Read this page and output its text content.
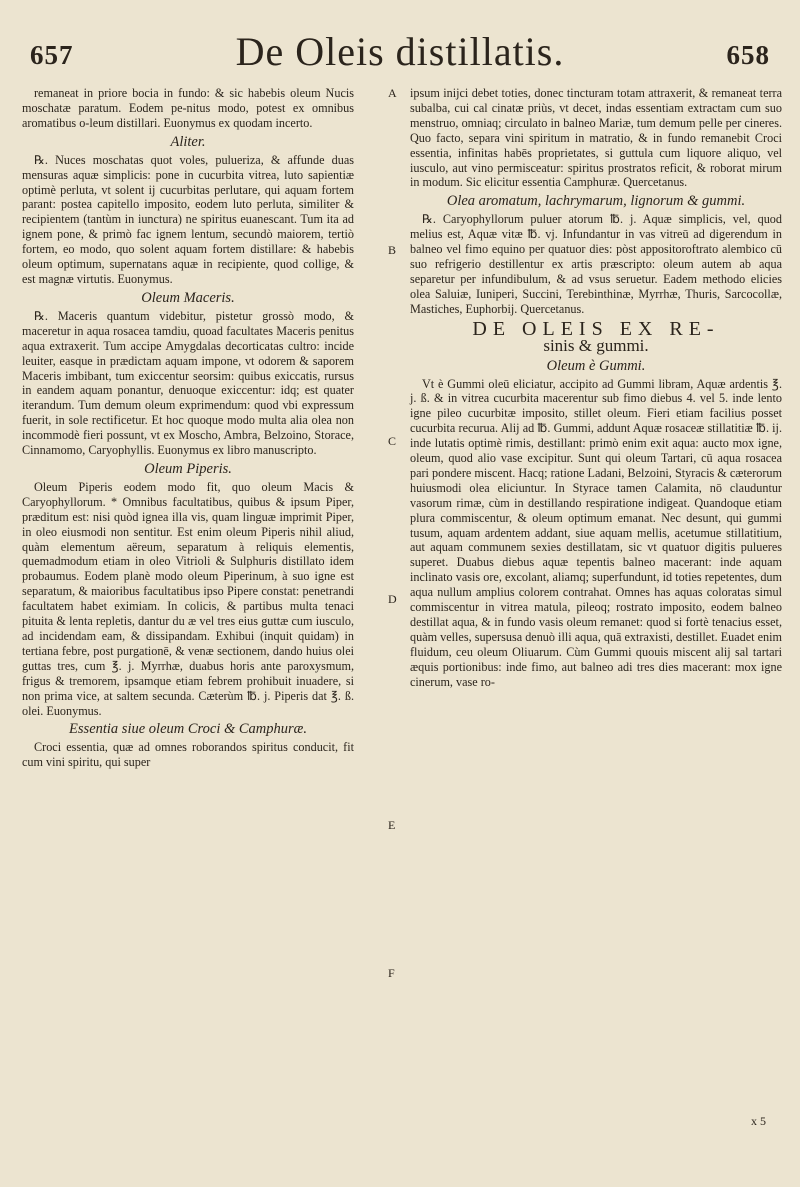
657	De Oleis distillatis.	658

remaneat in priore bocia in fundo: & sic habebis oleum Nucis moschatæ paratum. Eodem pe-nitus modo, potest ex omnibus aromatibus o-leum distillari. Euonymus ex quodam incerto.

Aliter.

℞. Nuces moschatas quot voles, pulueriza, & affunde duas mensuras aquæ simplicis: pone in cucurbita vitrea, luto sapientiæ optimè perluta, vt solent ij cucurbitas perlutare, qui aquam fortem parant: postea capitello imposito, eodem luto perluta, similiter & recipientem (tantùm in iunctura) ne spiritus euanescant. Tum ita ad ignem pone, & primò fac ignem lentum, secundò maiorem, tertiò fortem, eo modo, quo solent aquam fortem distillare: & habebis oleum optimum, supernatans aquæ in recipiente, quod collige, & est magnæ virtutis. Euonymus.

Oleum Maceris.

℞. Maceris quantum videbitur, pistetur grossò modo, & maceretur in aqua rosacea tamdiu, quoad facultates Maceris penitus aqua extraxerit. Tum accipe Amygdalas decorticatas cultro: incide leuiter, easque in prædictam aquam impone, vt odorem & saporem Maceris imbibant, tum exiccentur seorsim: quibus exiccatis, rursus in eandem aquam ponantur, denuoque exiccentur: idq; est quater iterandum. Tum demum oleum exprimendum: quod vbi expressum fuerit, in sole rectificetur. Et hoc quoque modo multa alia olea non incommodè fieri possunt, vt ex Moscho, Ambra, Belzoino, Storace, Cinnamomo, Caryophyllis. Euonymus ex libro manuscripto.

Oleum Piperis.

Oleum Piperis eodem modo fit, quo oleum Macis & Caryophyllorum. * Omnibus facultatibus, quibus & ipsum Piper, præditum est: nisi quòd ignea illa vis, quam linguæ imprimit Piper, in oleo eiusmodi non sentitur. Est enim oleum Piperis nihil aliud, quàm elementum aëreum, separatum à reliquis elementis, quemadmodum etiam in oleo Vitrioli & Sulphuris distillato idem probaumus. Eodem planè modo oleum Piperinum, à suo igne est separatum, & maioribus facultatibus ipso Pipere constat: penetrandi facultatem habet eximiam. In colicis, & partibus multa tenaci pituita & lenta repletis, dantur du æ vel tres eius guttæ cum iusculo, ad incidendam eam, & dissipandam. Exhibui (inquit quidam) in tertiana febre, post purgationē, & venæ sectionem, dando huius olei guttas tres, cum ℥. j. Myrrhæ, duabus horis ante paroxysmum, frigus & tremorem, ipsamque etiam febrem prohibuit inuadere, si non prima vice, at saltem secunda. Cæterùm ℔. j. Piperis dat ℥. ß. olei. Euonymus.

Essentia siue oleum Croci & Camphuræ.

Croci essentia, quæ ad omnes roborandos spiritus conducit, fit cum vini spiritu, qui super

A
B
C
D
E
F

ipsum inijci debet toties, donec tincturam totam attraxerit, & remaneat terra subalba, cui cal cinatæ priùs, vt decet, indas essentiam extractam cum suo menstruo, omniaq; circulato in balneo Mariæ, tum demum pelle per cineres. Quo facto, separa vini spiritum in matratio, & in fundo remanebit Croci essentia, infinitas habēs proprietates, si guttula cum liquore aliquo, vel iusculo, aut vino permisceatur: spiritus prostratos reficit, & roborat mirum in modum. Sic elicitur essentia Camphuræ. Quercetanus.

Olea aromatum, lachrymarum, lignorum & gummi.

℞. Caryophyllorum puluer atorum ℔. j. Aquæ simplicis, vel, quod melius est, Aquæ vitæ ℔. vj. Infundantur in vas vitreū ad digerendum in balneo vel fimo equino per quatuor dies: pòst appositoroftrato alembico cū suo refrigerio destillentur ex artis præscripto: oleum autem ab aqua separetur per infundibulum, & ad vsus seruetur. Eadem methodo elicies olea Saluiæ, Iuniperi, Succini, Terebinthinæ, Myrrhæ, Thuris, Sarcocollæ, Mastiches, Euphorbij. Quercetanus.

DE OLEIS EX RE-
sinis & gummi.
Oleum è Gummi.

Vt è Gummi oleū eliciatur, accipito ad Gummi libram, Aquæ ardentis ℥. j. ß. & in vitrea cucurbita macerentur sub fimo diebus 4. vel 5. inde lento igne pileo cucurbitæ imposito, stillet oleum. Fieri etiam facilius posset cucurbita recurua. Alij ad ℔. Gummi, addunt Aquæ rosaceæ stillatitiæ ℔. ij. inde lutatis optimè rimis, destillant: primò enim exit aqua: aucto mox igne, oleum, quod alio vase excipitur. Sunt qui oleum Tartari, cū aqua rosacea pari pondere miscent. Hacq; ratione Ladani, Belzoini, Styracis & cæterorum huiusmodi olea eliciuntur. In Styrace tamen Calamita, nō clauduntur vasorum rimæ, cùm in destillando respiratione indigeat. Quandoque etiam plura commiscentur, & oleum optimum emanat. Nec desunt, qui gummi tusum, aquam ardentem addant, siue aquam mellis, acetumue stillatitium, aut aquam communem sexies destillatam, sic vt quatuor digitis pulueres superet. Duabus diebus aquæ tepentis balneo macerant: inde aquam inclinato vasis ore, excolant, aliamq; superfundunt, id toties repetentes, dum aqua nullum amplius colorem contrahat. Omnes has aquas coloratas simul commiscentur in vitrea matula, pileoq; rostrato imposito, eodem balneo destillat aqua, & in fundo vasis oleum remanet: quod si fortè tenacius esset, quàm velles, supersusa denuò illi aqua, quā extraxisti, destillet. Euadet enim fluidum, ceu oleum Oliuarum. Cùm Gummi quouis miscent alij sal tartari æquis portionibus: inde fimo, aut balneo adi tres dies macerant: mox igne cinerum, vase ro-

x 5
